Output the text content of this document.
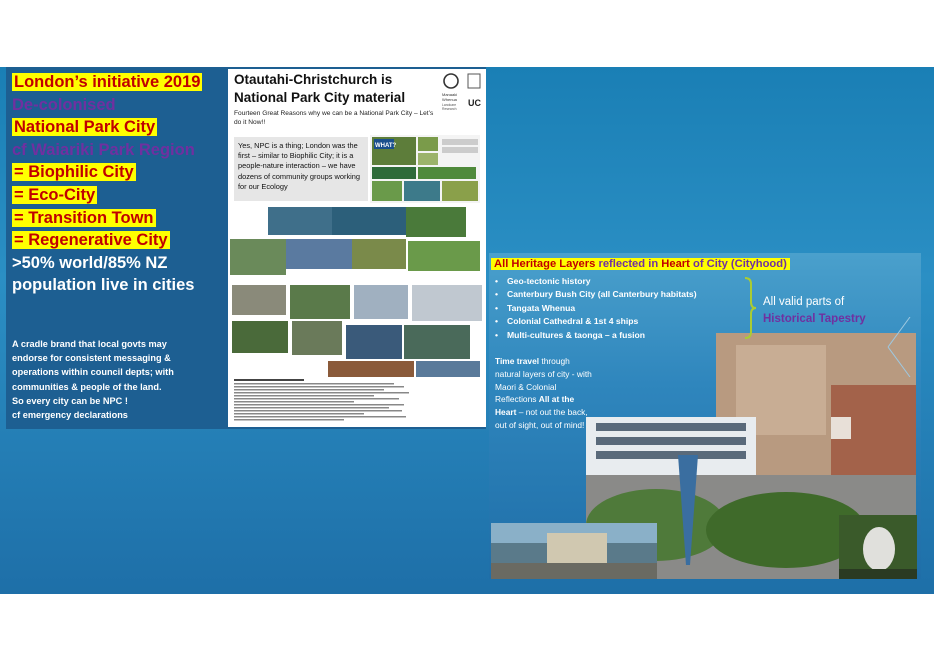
London’s initiative 2019
De-colonised
National Park City
cf Waiariki Park Region
= Biophilic City
= Eco-City
= Transition Town
= Regenerative City
>50% world/85% NZ
population live in cities
A cradle brand that local govts may
endorse for consistent messaging &
operations within council depts; with
communities & people of the land.
So every city can be NPC !
cf emergency declarations
Otautahi-Christchurch is National Park City material
Fourteen Great Reasons why we can be a National Park City – Let’s do it Now!!
Manaaki
Whenua
Landcare
Research
UC
Yes, NPC is a thing; London was the first – similar to Biophilic City; it is a people-nature interaction – we have dozens of community groups working for our Ecology
WHAT?
All Heritage Layers reflected in Heart of City (Cityhood)
• Geo-tectonic history
• Canterbury Bush City (all Canterbury habitats)
• Tangata Whenua
• Colonial Cathedral & 1st 4 ships
• Multi-cultures & taonga – a fusion
All valid parts of
Historical Tapestry
Time travel through natural layers of city - with Maori & Colonial Reflections All at the Heart – not out the back, out of sight, out of mind!
